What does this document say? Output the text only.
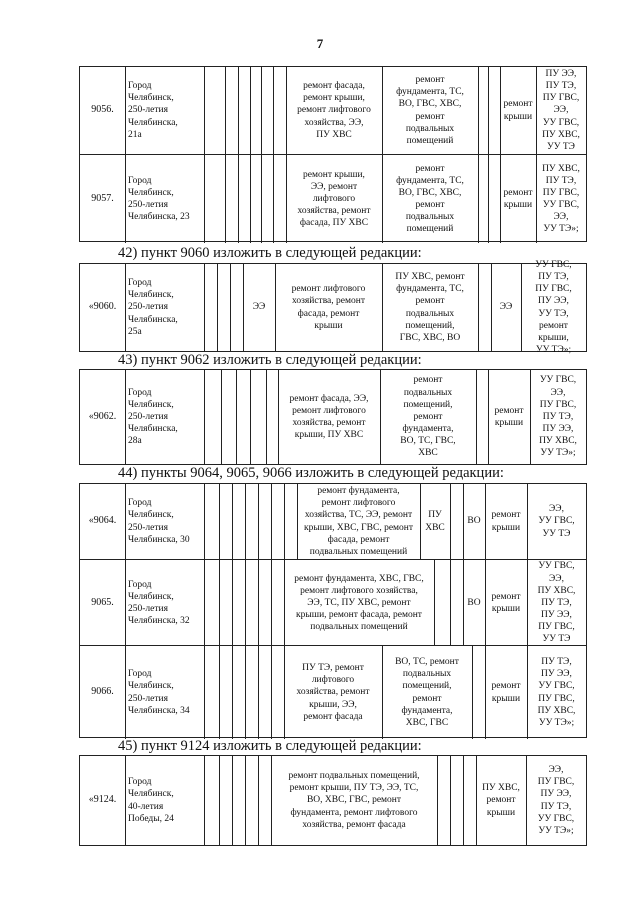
7
9056.
Город
Челябинск,
250-летия
Челябинска,
21а
ремонт фасада,
ремонт крыши,
ремонт лифтового
хозяйства, ЭЭ,
ПУ ХВС
ремонт
фундамента, ТС,
ВО, ГВС, ХВС,
ремонт
подвальных
помещений
ремонт
крыши
ПУ ЭЭ,
ПУ ТЭ,
ПУ ГВС,
ЭЭ,
УУ ГВС,
ПУ ХВС,
УУ ТЭ
9057.
Город
Челябинск,
250-летия
Челябинска, 23
ремонт крыши,
ЭЭ, ремонт
лифтового
хозяйства, ремонт
фасада, ПУ ХВС
ремонт
фундамента, ТС,
ВО, ГВС, ХВС,
ремонт
подвальных
помещений
ремонт
крыши
ПУ ХВС,
ПУ ТЭ,
ПУ ГВС,
УУ ГВС,
ЭЭ,
УУ ТЭ»;
42) пункт 9060 изложить в следующей редакции:
«9060.
Город
Челябинск,
250-летия
Челябинска,
25а
ЭЭ
ремонт лифтового
хозяйства, ремонт
фасада, ремонт
крыши
ПУ ХВС, ремонт
фундамента, ТС,
ремонт
подвальных
помещений,
ГВС, ХВС, ВО
ЭЭ
УУ ГВС,
ПУ ТЭ,
ПУ ГВС,
ПУ ЭЭ,
УУ ТЭ,
ремонт
крыши,
УУ ТЭ»;
43) пункт 9062 изложить в следующей редакции:
«9062.
Город
Челябинск,
250-летия
Челябинска,
28а
ремонт фасада, ЭЭ,
ремонт лифтового
хозяйства, ремонт
крыши, ПУ ХВС
ремонт
подвальных
помещений,
ремонт
фундамента,
ВО, ТС, ГВС,
ХВС
ремонт
крыши
УУ ГВС,
ЭЭ,
ПУ ГВС,
ПУ ТЭ,
ПУ ЭЭ,
ПУ ХВС,
УУ ТЭ»;
44) пункты 9064, 9065, 9066 изложить в следующей редакции:
«9064.
Город
Челябинск,
250-летия
Челябинска, 30
ремонт фундамента,
ремонт лифтового
хозяйства, ТС, ЭЭ, ремонт
крыши, ХВС, ГВС, ремонт
фасада, ремонт
подвальных помещений
ПУ
ХВС
ВО
ремонт
крыши
ЭЭ,
УУ ГВС,
УУ ТЭ
9065.
Город
Челябинск,
250-летия
Челябинска, 32
ремонт фундамента, ХВС, ГВС,
ремонт лифтового хозяйства,
ЭЭ, ТС, ПУ ХВС, ремонт
крыши, ремонт фасада, ремонт
подвальных помещений
ВО
ремонт
крыши
УУ ГВС,
ЭЭ,
ПУ ХВС,
ПУ ТЭ,
ПУ ЭЭ,
ПУ ГВС,
УУ ТЭ
9066.
Город
Челябинск,
250-летия
Челябинска, 34
ПУ ТЭ, ремонт
лифтового
хозяйства, ремонт
крыши, ЭЭ,
ремонт фасада
ВО, ТС, ремонт
подвальных
помещений,
ремонт
фундамента,
ХВС, ГВС
ремонт
крыши
ПУ ТЭ,
ПУ ЭЭ,
УУ ГВС,
ПУ ГВС,
ПУ ХВС,
УУ ТЭ»;
45) пункт 9124 изложить в следующей редакции:
«9124.
Город
Челябинск,
40-летия
Победы, 24
ремонт подвальных помещений,
ремонт крыши, ПУ ТЭ, ЭЭ, ТС,
ВО, ХВС, ГВС, ремонт
фундамента, ремонт лифтового
хозяйства, ремонт фасада
ПУ ХВС,
ремонт
крыши
ЭЭ,
ПУ ГВС,
ПУ ЭЭ,
ПУ ТЭ,
УУ ГВС,
УУ ТЭ»;
